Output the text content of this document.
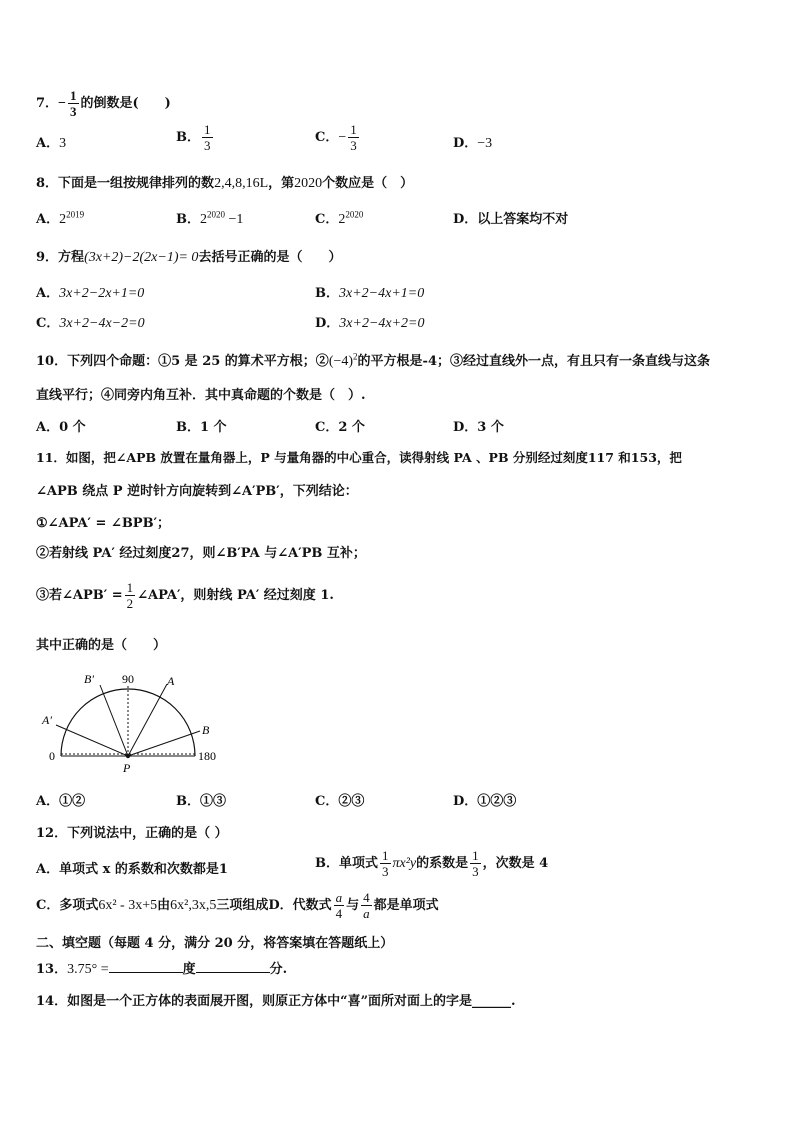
7．− $\frac{1}{3}$ 的倒数是(　　)
A．3	B． $\frac{1}{3}$	C．− $\frac{1}{3}$	D．−3
8．下面是一组按规律排列的数2,4,8,16L，第2020个数应是（　）
A．$2^{2019}$	B．$2^{2020} -1$	C．$2^{2020}$	D．以上答案均不对
9．方程(3x+2)−2(2x−1)= 0去括号正确的是（　　）
A．3x+2−2x+1=0	B．3x+2−4x+1=0
C．3x+2−4x−2=0	D．3x+2−4x+2=0
10．下列四个命题：①5 是 25 的算术平方根；$②(-4)^2$的平方根是-4；③经过直线外一点，有且只有一条直线与这条
直线平行；④同旁内角互补．其中真命题的个数是（　）.
A．0 个	B．1 个	C．2 个	D．3 个
11．如图，把∠APB 放置在量角器上，P 与量角器的中心重合，读得射线 PA 、PB 分别经过刻度117 和153，把
∠APB 绕点 P 逆时针方向旋转到∠A′PB′，下列结论：
①∠APA′ = ∠BPB′；
②若射线 PA′ 经过刻度27，则∠B′PA 与∠A′PB 互补；
③若∠APB′ = $\frac{1}{2}$ ∠APA′，则射线 PA′ 经过刻度 1.
其中正确的是（　　）
90
0	180
P
A
B
A′
B′
A．①②	B．①③	C．②③	D．①②③
12．下列说法中，正确的是（ ）
A．单项式 x 的系数和次数都是1	B．单项式 $\frac{1}{3} \pi x^2y$的系数是 $\frac{1}{3}$ ，次数是 4
C．多项式6x² - 3x+5由6x²,3x,5三项组成D．代数式 $\frac{a}{4}$ 与 $\frac{4}{a}$ 都是单项式
二、填空题（每题 4 分，满分 20 分，将答案填在答题纸上）
13．3.75° =	度	分.
14．如图是一个正方体的表面展开图，则原正方体中“喜”面所对面上的字是______.
